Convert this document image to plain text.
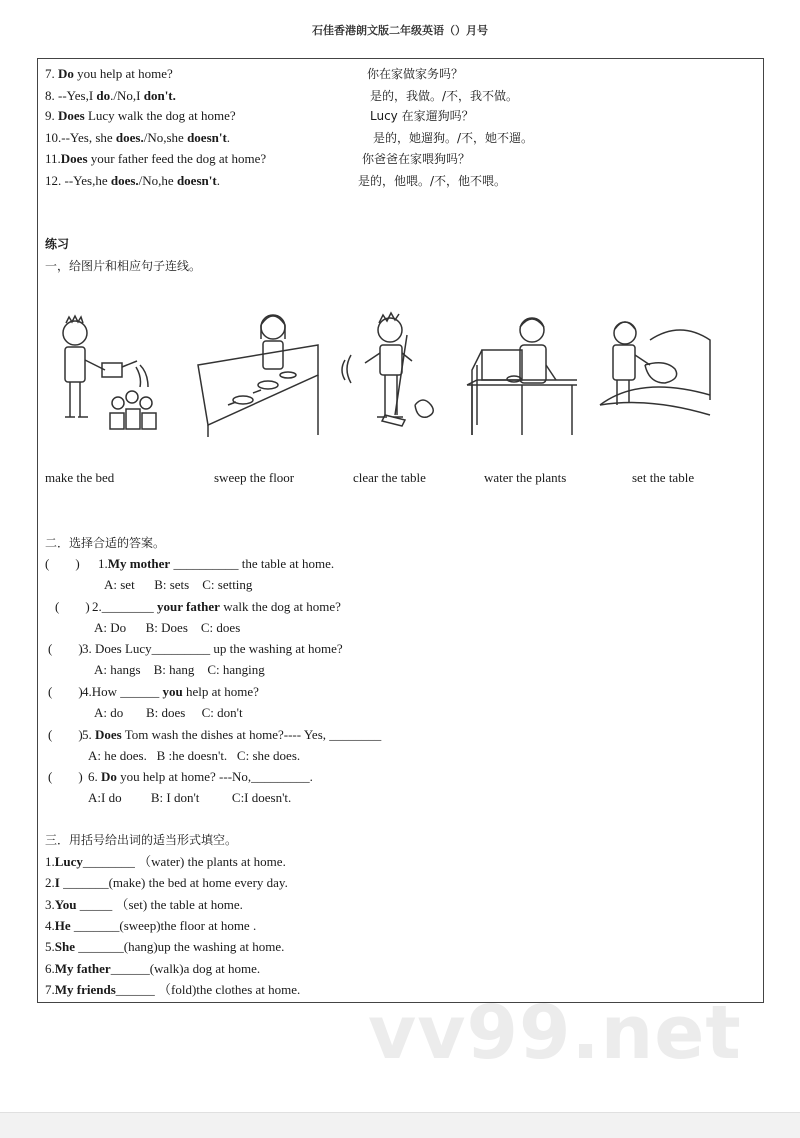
石佳香港朗文版二年级英语（）月号
7. Do you help at home?	你在家做家务吗？
8. --Yes,I do./No,I don't.	是的，我做。/不，我不做。
9. Does Lucy walk the dog at home?	Lucy 在家遛狗吗？
10.--Yes, she does./No,she doesn't.	是的，她遛狗。/不，她不遛。
11.Does your father feed the dog at home?	你爸爸在家喂狗吗？
12. --Yes,he does./No,he doesn't.	是的，他喂。/不，他不喂。
练习
一，给图片和相应句子连线。
make the bed	sweep the floor	clear the table	water the plants	set the table
二．选择合适的答案。
(　　) 1.My mother __________ the table at home.
A: set      B: sets    C: setting
(　　) 2.________ your father walk the dog at home?
A: Do      B: Does    C: does
(　　) 3. Does Lucy_________ up the washing at home?
A: hangs    B: hang    C: hanging
(　　) 4.How ______ you help at home?
A: do       B: does     C: don't
(　　) 5. Does Tom wash the dishes at home?---- Yes, ________
A: he does.   B :he doesn't.   C: she does.
(　　) 6. Do you help at home? ---No,_________.
A:I do         B: I don't          C:I doesn't.
三．用括号给出词的适当形式填空。
1.Lucy________ （water) the plants at home.
2.I _______(make) the bed at home every day.
3.You _____ （set) the table at home.
4.He _______(sweep)the floor at home .
5.She _______(hang)up the washing at home.
6.My father______(walk)a dog at home.
7.My friends______ （fold)the clothes at home.
vv99.net
